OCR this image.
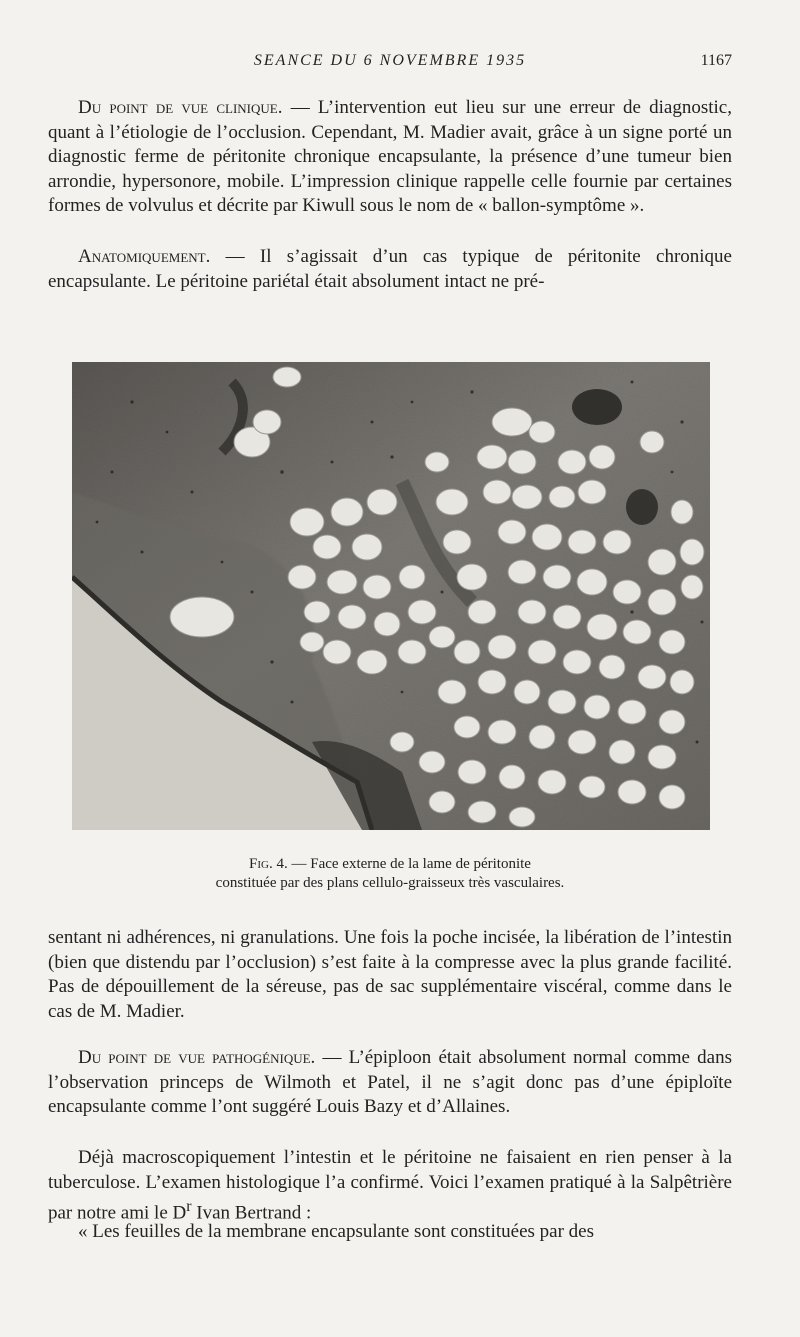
SEANCE DU 6 NOVEMBRE 1935	1167

Du point de vue clinique. — L’intervention eut lieu sur une erreur de diagnostic, quant à l’étiologie de l’occlusion. Cependant, M. Madier avait, grâce à un signe porté un diagnostic ferme de péritonite chronique encapsulante, la présence d’une tumeur bien arrondie, hypersonore, mobile. L’impression clinique rappelle celle fournie par certaines formes de volvulus et décrite par Kiwull sous le nom de « ballon-symptôme ».

Anatomiquement. — Il s’agissait d’un cas typique de péritonite chronique encapsulante. Le péritoine pariétal était absolument intact ne pré-

Fig. 4. — Face externe de la lame de péritonite
constituée par des plans cellulo-graisseux très vasculaires.

sentant ni adhérences, ni granulations. Une fois la poche incisée, la libération de l’intestin (bien que distendu par l’occlusion) s’est faite à la compresse avec la plus grande facilité. Pas de dépouillement de la séreuse, pas de sac supplémentaire viscéral, comme dans le cas de M. Madier.

Du point de vue pathogénique. — L’épiploon était absolument normal comme dans l’observation princeps de Wilmoth et Patel, il ne s’agit donc pas d’une épiploïte encapsulante comme l’ont suggéré Louis Bazy et d’Allaines.

Déjà macroscopiquement l’intestin et le péritoine ne faisaient en rien penser à la tuberculose. L’examen histologique l’a confirmé. Voici l’examen pratiqué à la Salpêtrière par notre ami le $D^r$ Ivan Bertrand :

« Les feuilles de la membrane encapsulante sont constituées par des
